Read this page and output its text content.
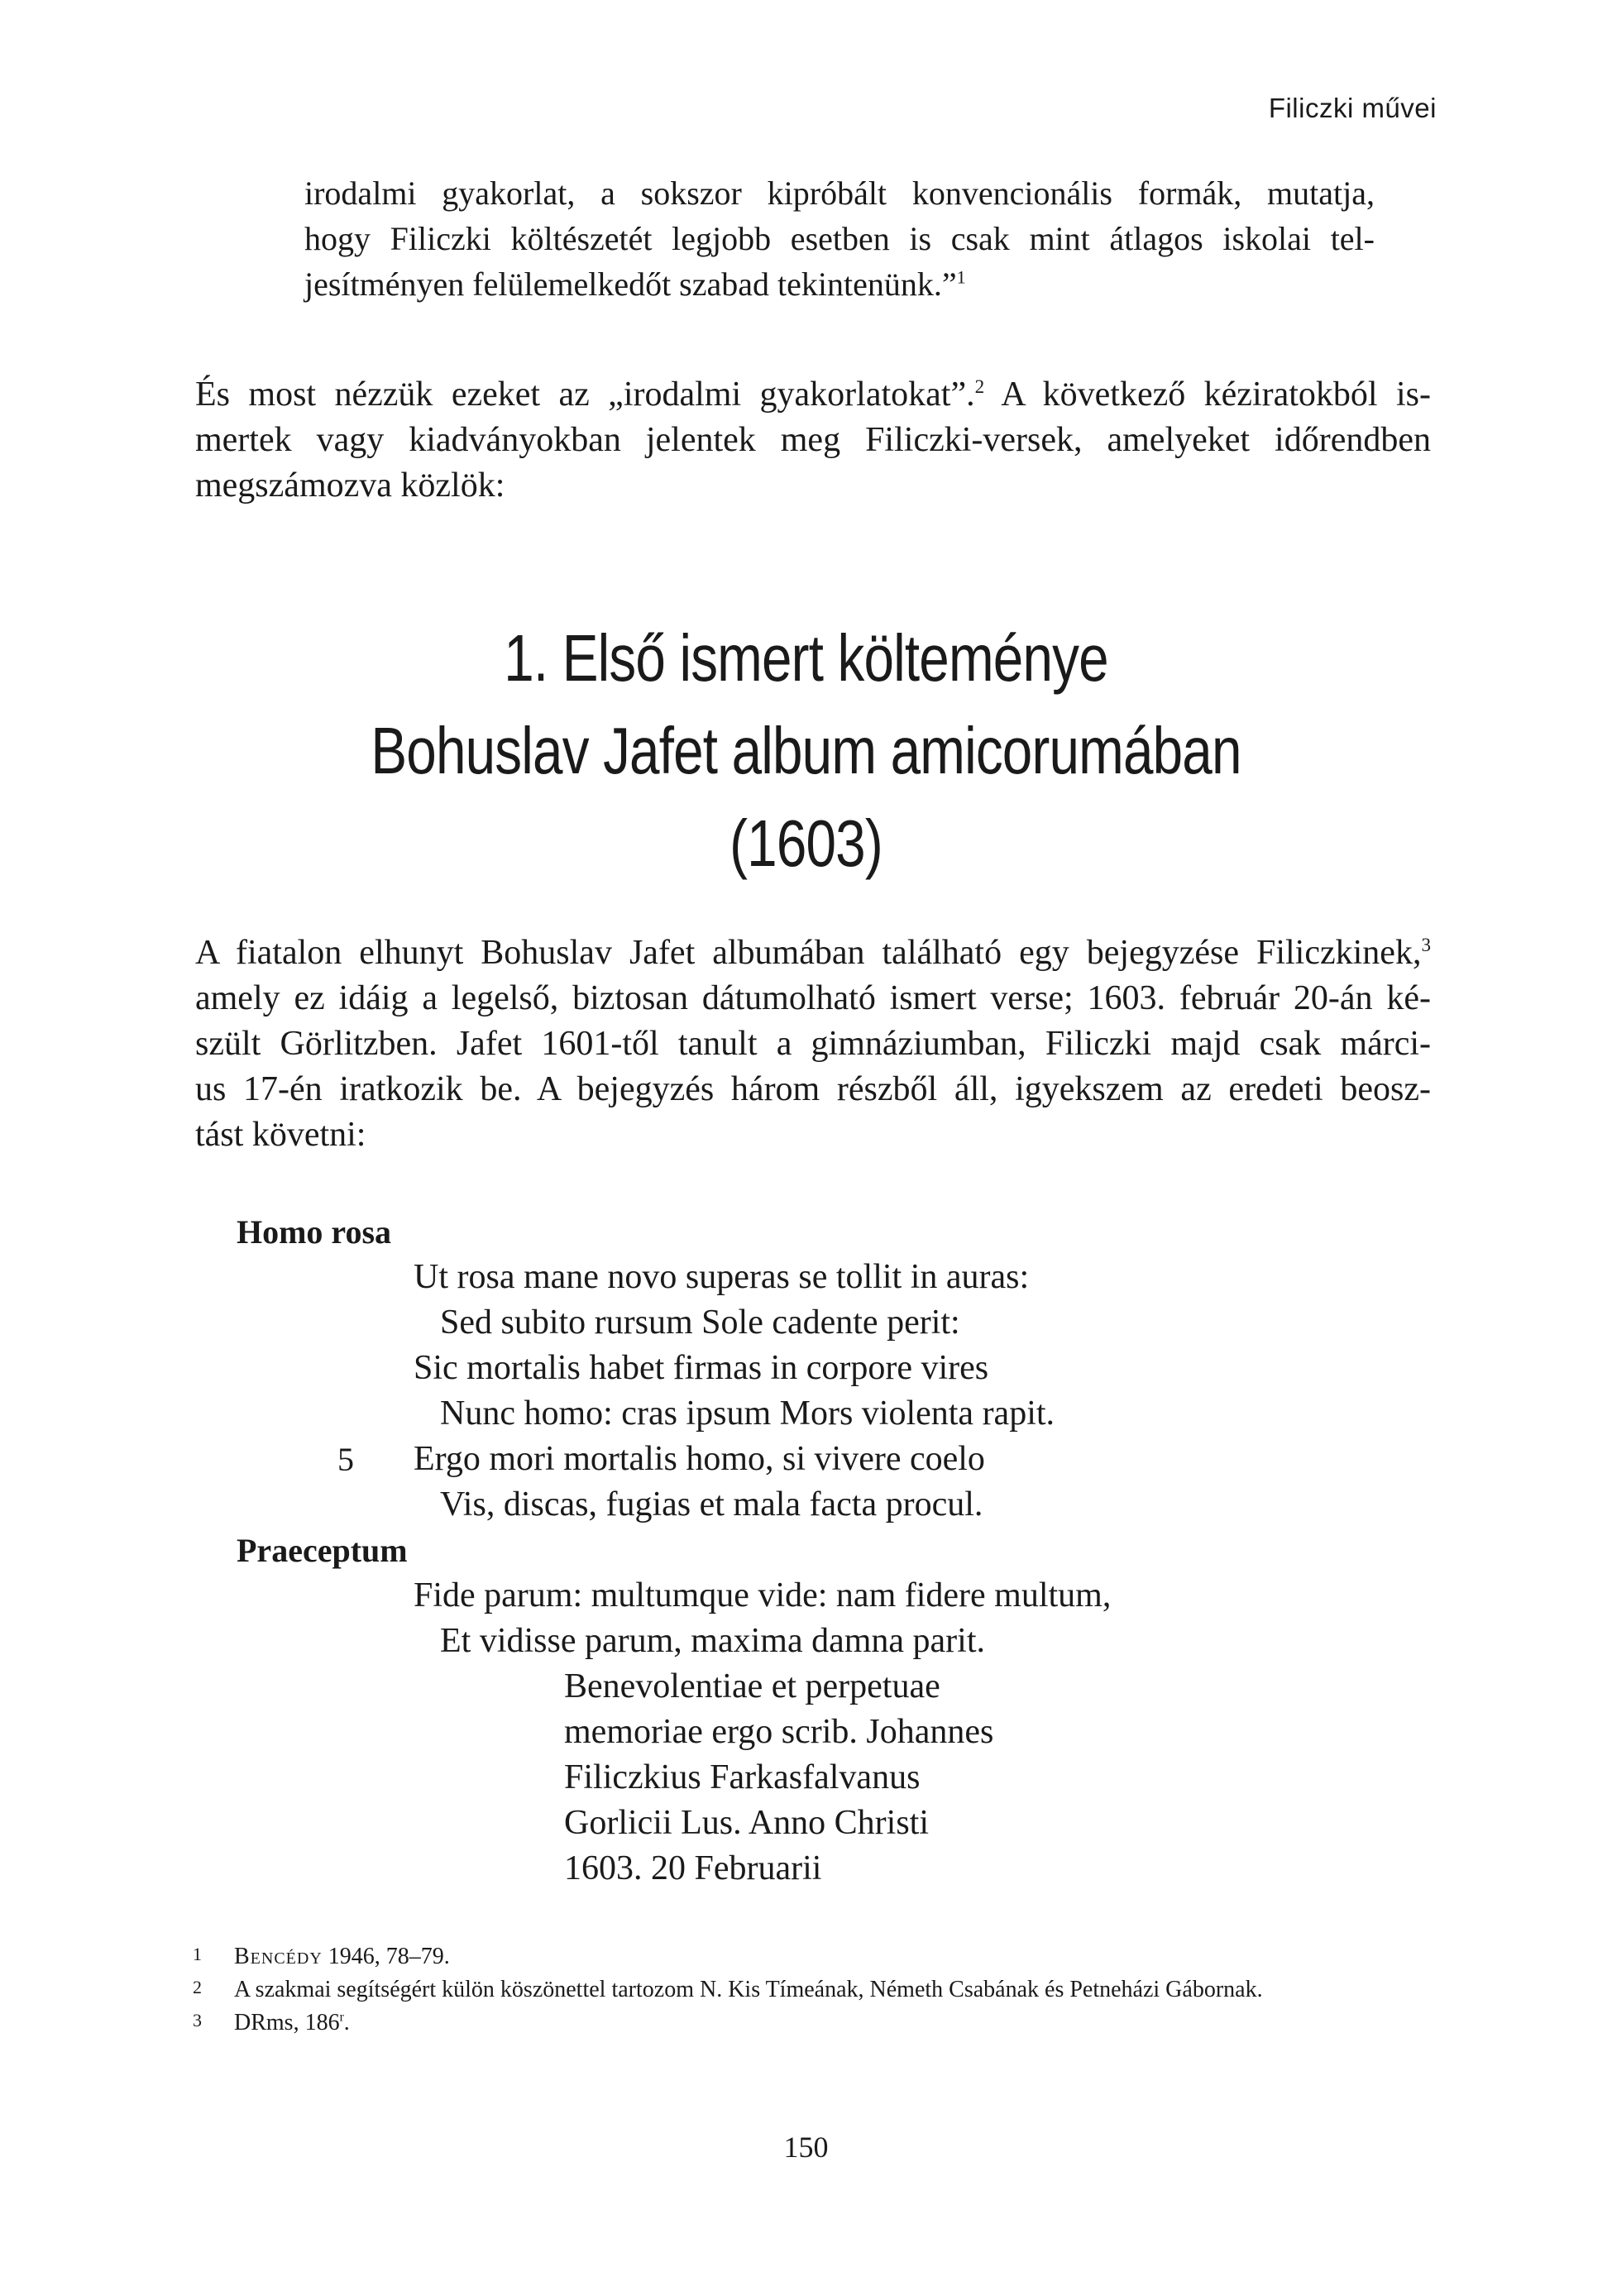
Filiczki művei
irodalmi gyakorlat, a sokszor kipróbált konvencionális formák, mutatja,
hogy Filiczki költészetét legjobb esetben is csak mint átlagos iskolai tel-
jesítményen felülemelkedőt szabad tekintenünk.”$^1$
És most nézzük ezeket az „irodalmi gyakorlatokat”.$^2$ A következő kéziratokból is-
mertek vagy kiadványokban jelentek meg Filiczki-versek, amelyeket időrendben
megszámozva közlök:
1. Első ismert költeménye
Bohuslav Jafet album amicorumában
(1603)
A fiatalon elhunyt Bohuslav Jafet albumában található egy bejegyzése Filiczkinek,$^3$
amely ez idáig a legelső, biztosan dátumolható ismert verse; 1603. február 20-án ké-
szült Görlitzben. Jafet 1601-től tanult a gimnáziumban, Filiczki majd csak márci-
us 17-én iratkozik be. A bejegyzés három részből áll, igyekszem az eredeti beosz-
tást követni:
Homo rosa
Ut rosa mane novo superas se tollit in auras:
Sed subito rursum Sole cadente perit:
Sic mortalis habet firmas in corpore vires
Nunc homo: cras ipsum Mors violenta rapit.
5 Ergo mori mortalis homo, si vivere coelo
Vis, discas, fugias et mala facta procul.
Praeceptum
Fide parum: multumque vide: nam fidere multum,
Et vidisse parum, maxima damna parit.
Benevolentiae et perpetuae
memoriae ergo scrib. Johannes
Filiczkius Farkasfalvanus
Gorlicii Lus. Anno Christi
1603. 20 Februarii
1	Bencédy 1946, 78–79.
2	A szakmai segítségért külön köszönettel tartozom N. Kis Tímeának, Németh Csabának és Petneházi Gábornak.
3	DRms, 186$^r$.
150
